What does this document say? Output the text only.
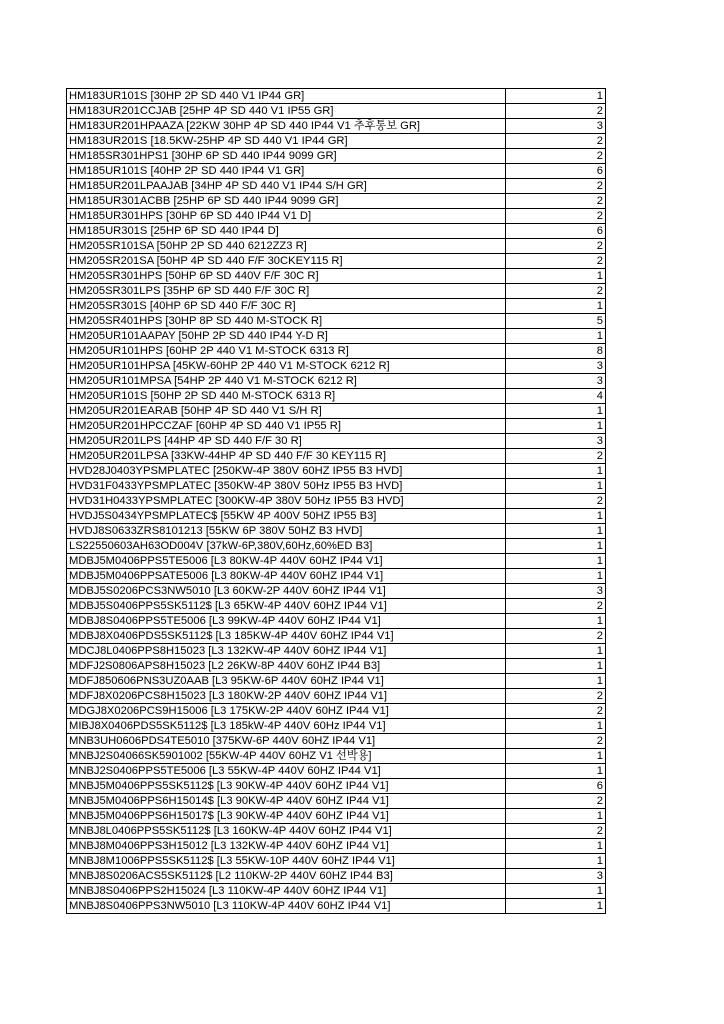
HM183UR101S [30HP 2P SD 440 V1 IP44 GR]	1
HM183UR201CCJAB [25HP 4P SD 440 V1 IP55 GR]	2
HM183UR201HPAAZA [22KW 30HP 4P SD 440 IP44 V1 추후통보 GR]	3
HM183UR201S [18.5KW-25HP 4P SD 440 V1 IP44 GR]	2
HM185SR301HPS1 [30HP 6P SD 440 IP44 9099 GR]	2
HM185UR101S [40HP 2P SD 440 IP44 V1 GR]	6
HM185UR201LPAAJAB [34HP 4P SD 440 V1 IP44 S/H GR]	2
HM185UR301ACBB [25HP 6P SD 440 IP44 9099 GR]	2
HM185UR301HPS [30HP 6P SD 440 IP44 V1 D]	2
HM185UR301S [25HP 6P SD 440 IP44 D]	6
HM205SR101SA [50HP 2P SD 440 6212ZZ3 R]	2
HM205SR201SA [50HP 4P SD 440 F/F 30CKEY115 R]	2
HM205SR301HPS [50HP 6P SD 440V F/F 30C R]	1
HM205SR301LPS [35HP 6P SD 440 F/F 30C R]	2
HM205SR301S [40HP 6P SD 440 F/F 30C R]	1
HM205SR401HPS [30HP 8P SD 440 M-STOCK R]	5
HM205UR101AAPAY [50HP 2P SD 440 IP44 Y-D R]	1
HM205UR101HPS [60HP 2P 440 V1 M-STOCK 6313 R]	8
HM205UR101HPSA [45KW-60HP 2P 440 V1 M-STOCK 6212 R]	3
HM205UR101MPSA [54HP 2P 440 V1 M-STOCK 6212 R]	3
HM205UR101S [50HP 2P SD 440 M-STOCK 6313 R]	4
HM205UR201EARAB [50HP 4P SD 440 V1 S/H R]	1
HM205UR201HPCCZAF [60HP 4P SD 440 V1 IP55 R]	1
HM205UR201LPS [44HP 4P SD 440 F/F 30 R]	3
HM205UR201LPSA [33KW-44HP 4P SD 440 F/F 30 KEY115 R]	2
HVD28J0403YPSMPLATEC [250KW-4P 380V 60HZ IP55 B3 HVD]	1
HVD31F0433YPSMPLATEC [350KW-4P 380V 50Hz IP55 B3 HVD]	1
HVD31H0433YPSMPLATEC [300KW-4P 380V 50Hz IP55 B3 HVD]	2
HVDJ5S0434YPSMPLATEC$ [55KW 4P 400V 50HZ IP55 B3]	1
HVDJ8S0633ZRS8101213 [55KW 6P 380V 50HZ B3 HVD]	1
LS22550603AH63OD004V [37kW-6P,380V,60Hz,60%ED B3]	1
MDBJ5M0406PPS5TE5006 [L3 80KW-4P 440V 60HZ IP44 V1]	1
MDBJ5M0406PPSATE5006 [L3 80KW-4P 440V 60HZ IP44 V1]	1
MDBJ5S0206PCS3NW5010 [L3 60KW-2P 440V 60HZ IP44 V1]	3
MDBJ5S0406PPS5SK5112$ [L3 65KW-4P 440V 60HZ IP44 V1]	2
MDBJ8S0406PPS5TE5006 [L3 99KW-4P 440V 60HZ IP44 V1]	1
MDBJ8X0406PDS5SK5112$ [L3 185KW-4P 440V 60HZ IP44 V1]	2
MDCJ8L0406PPS8H15023 [L3 132KW-4P 440V 60HZ IP44 V1]	1
MDFJ2S0806APS8H15023 [L2 26KW-8P 440V 60HZ IP44 B3]	1
MDFJ850606PNS3UZ0AAB [L3 95KW-6P 440V 60HZ IP44 V1]	1
MDFJ8X0206PCS8H15023 [L3 180KW-2P 440V 60HZ IP44 V1]	2
MDGJ8X0206PCS9H15006 [L3 175KW-2P 440V 60HZ IP44 V1]	2
MIBJ8X0406PDS5SK5112$ [L3 185kW-4P 440V 60Hz IP44 V1]	1
MNB3UH0606PDS4TE5010 [375KW-6P 440V 60HZ IP44 V1]	2
MNBJ2S04066SK5901002 [55KW-4P 440V 60HZ V1 선박용]	1
MNBJ2S0406PPS5TE5006 [L3 55KW-4P 440V 60HZ IP44 V1]	1
MNBJ5M0406PPS5SK5112$ [L3 90KW-4P 440V 60HZ IP44 V1]	6
MNBJ5M0406PPS6H15014$ [L3 90KW-4P 440V 60HZ IP44 V1]	2
MNBJ5M0406PPS6H15017$ [L3 90KW-4P 440V 60HZ IP44 V1]	1
MNBJ8L0406PPS5SK5112$ [L3 160KW-4P 440V 60HZ IP44 V1]	2
MNBJ8M0406PPS3H15012 [L3 132KW-4P 440V 60HZ IP44 V1]	1
MNBJ8M1006PPS5SK5112$ [L3 55KW-10P 440V 60HZ IP44 V1]	1
MNBJ8S0206ACS5SK5112$ [L2 110KW-2P 440V 60HZ IP44 B3]	3
MNBJ8S0406PPS2H15024 [L3 110KW-4P 440V 60HZ IP44 V1]	1
MNBJ8S0406PPS3NW5010 [L3 110KW-4P 440V 60HZ IP44 V1]	1
